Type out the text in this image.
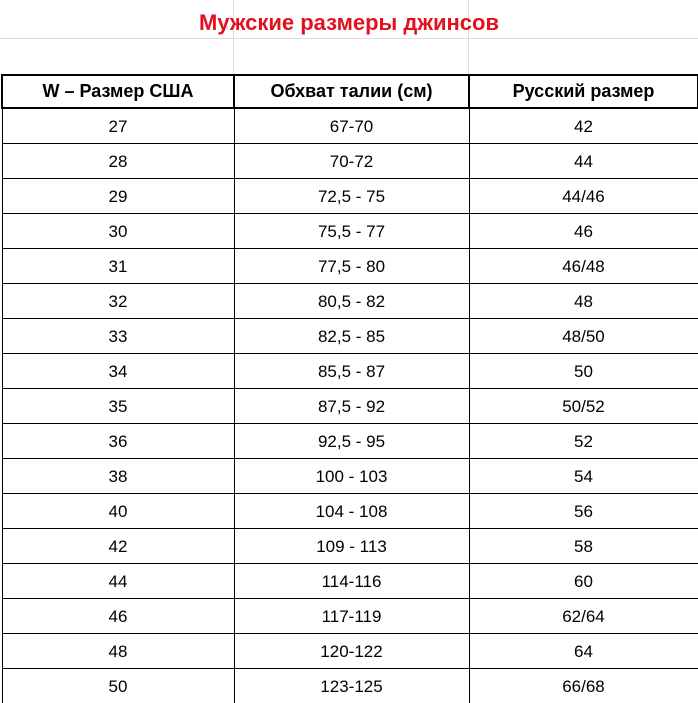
Мужские размеры джинсов
W – Размер США	Обхват талии (см)	Русский размер
27	67-70	42
28	70-72	44
29	72,5 - 75	44/46
30	75,5 - 77	46
31	77,5 - 80	46/48
32	80,5 - 82	48
33	82,5 - 85	48/50
34	85,5 - 87	50
35	87,5 - 92	50/52
36	92,5 - 95	52
38	100 - 103	54
40	104 - 108	56
42	109 - 113	58
44	114-116	60
46	117-119	62/64
48	120-122	64
50	123-125	66/68
